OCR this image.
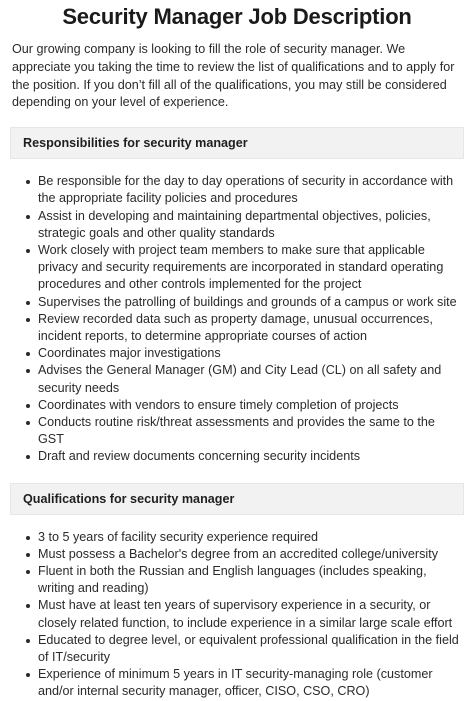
Security Manager Job Description

Our growing company is looking to fill the role of security manager. We appreciate you taking the time to review the list of qualifications and to apply for the position. If you don’t fill all of the qualifications, you may still be considered depending on your level of experience.

Responsibilities for security manager
Be responsible for the day to day operations of security in accordance with the appropriate facility policies and procedures
Assist in developing and maintaining departmental objectives, policies, strategic goals and other quality standards
Work closely with project team members to make sure that applicable privacy and security requirements are incorporated in standard operating procedures and other controls implemented for the project
Supervises the patrolling of buildings and grounds of a campus or work site
Review recorded data such as property damage, unusual occurrences, incident reports, to determine appropriate courses of action
Coordinates major investigations
Advises the General Manager (GM) and City Lead (CL) on all safety and security needs
Coordinates with vendors to ensure timely completion of projects
Conducts routine risk/threat assessments and provides the same to the GST
Draft and review documents concerning security incidents
Qualifications for security manager
3 to 5 years of facility security experience required
Must possess a Bachelor's degree from an accredited college/university
Fluent in both the Russian and English languages (includes speaking, writing and reading)
Must have at least ten years of supervisory experience in a security, or closely related function, to include experience in a similar large scale effort
Educated to degree level, or equivalent professional qualification in the field of IT/security
Experience of minimum 5 years in IT security-managing role (customer and/or internal security manager, officer, CISO, CSO, CRO)
